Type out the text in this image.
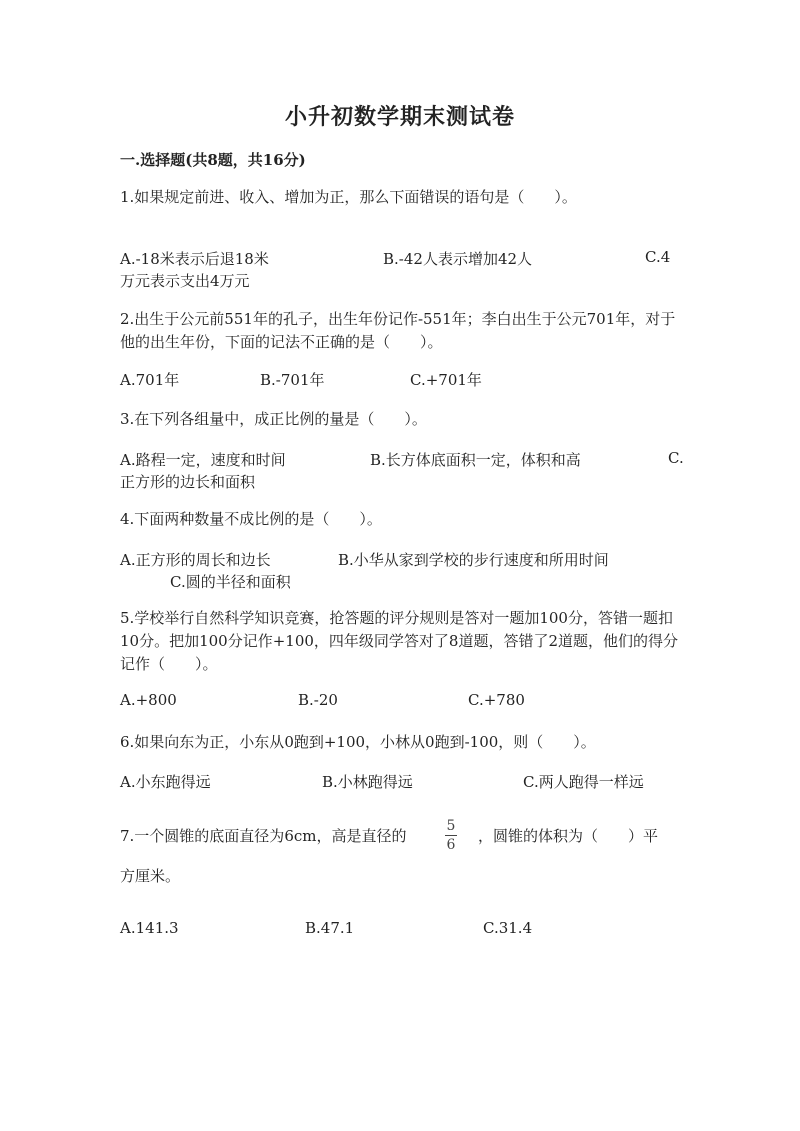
小升初数学期末测试卷
一.选择题(共8题，共16分)
1.如果规定前进、收入、增加为正，那么下面错误的语句是（　　）。
A.-18米表示后退18米	B.-42人表示增加42人	C.4
万元表示支出4万元
2.出生于公元前551年的孔子，出生年份记作-551年；李白出生于公元701年，对于他的出生年份，下面的记法不正确的是（　　）。
A.701年	B.-701年	C.+701年
3.在下列各组量中，成正比例的量是（　　）。
A.路程一定，速度和时间	B.长方体底面积一定，体积和高	C.
正方形的边长和面积
4.下面两种数量不成比例的是（　　）。
A.正方形的周长和边长	B.小华从家到学校的步行速度和所用时间
C.圆的半径和面积
5.学校举行自然科学知识竞赛，抢答题的评分规则是答对一题加100分，答错一题扣10分。把加100分记作+100，四年级同学答对了8道题，答错了2道题，他们的得分记作（　　）。
A.+800	B.-20	C.+780
6.如果向东为正，小东从0跑到+100，小林从0跑到-100，则（　　）。
A.小东跑得远	B.小林跑得远	C.两人跑得一样远
7.一个圆锥的底面直径为6cm，高是直径的
5
6 ，圆锥的体积为（　　）平
方厘米。
A.141.3	B.47.1	C.31.4
